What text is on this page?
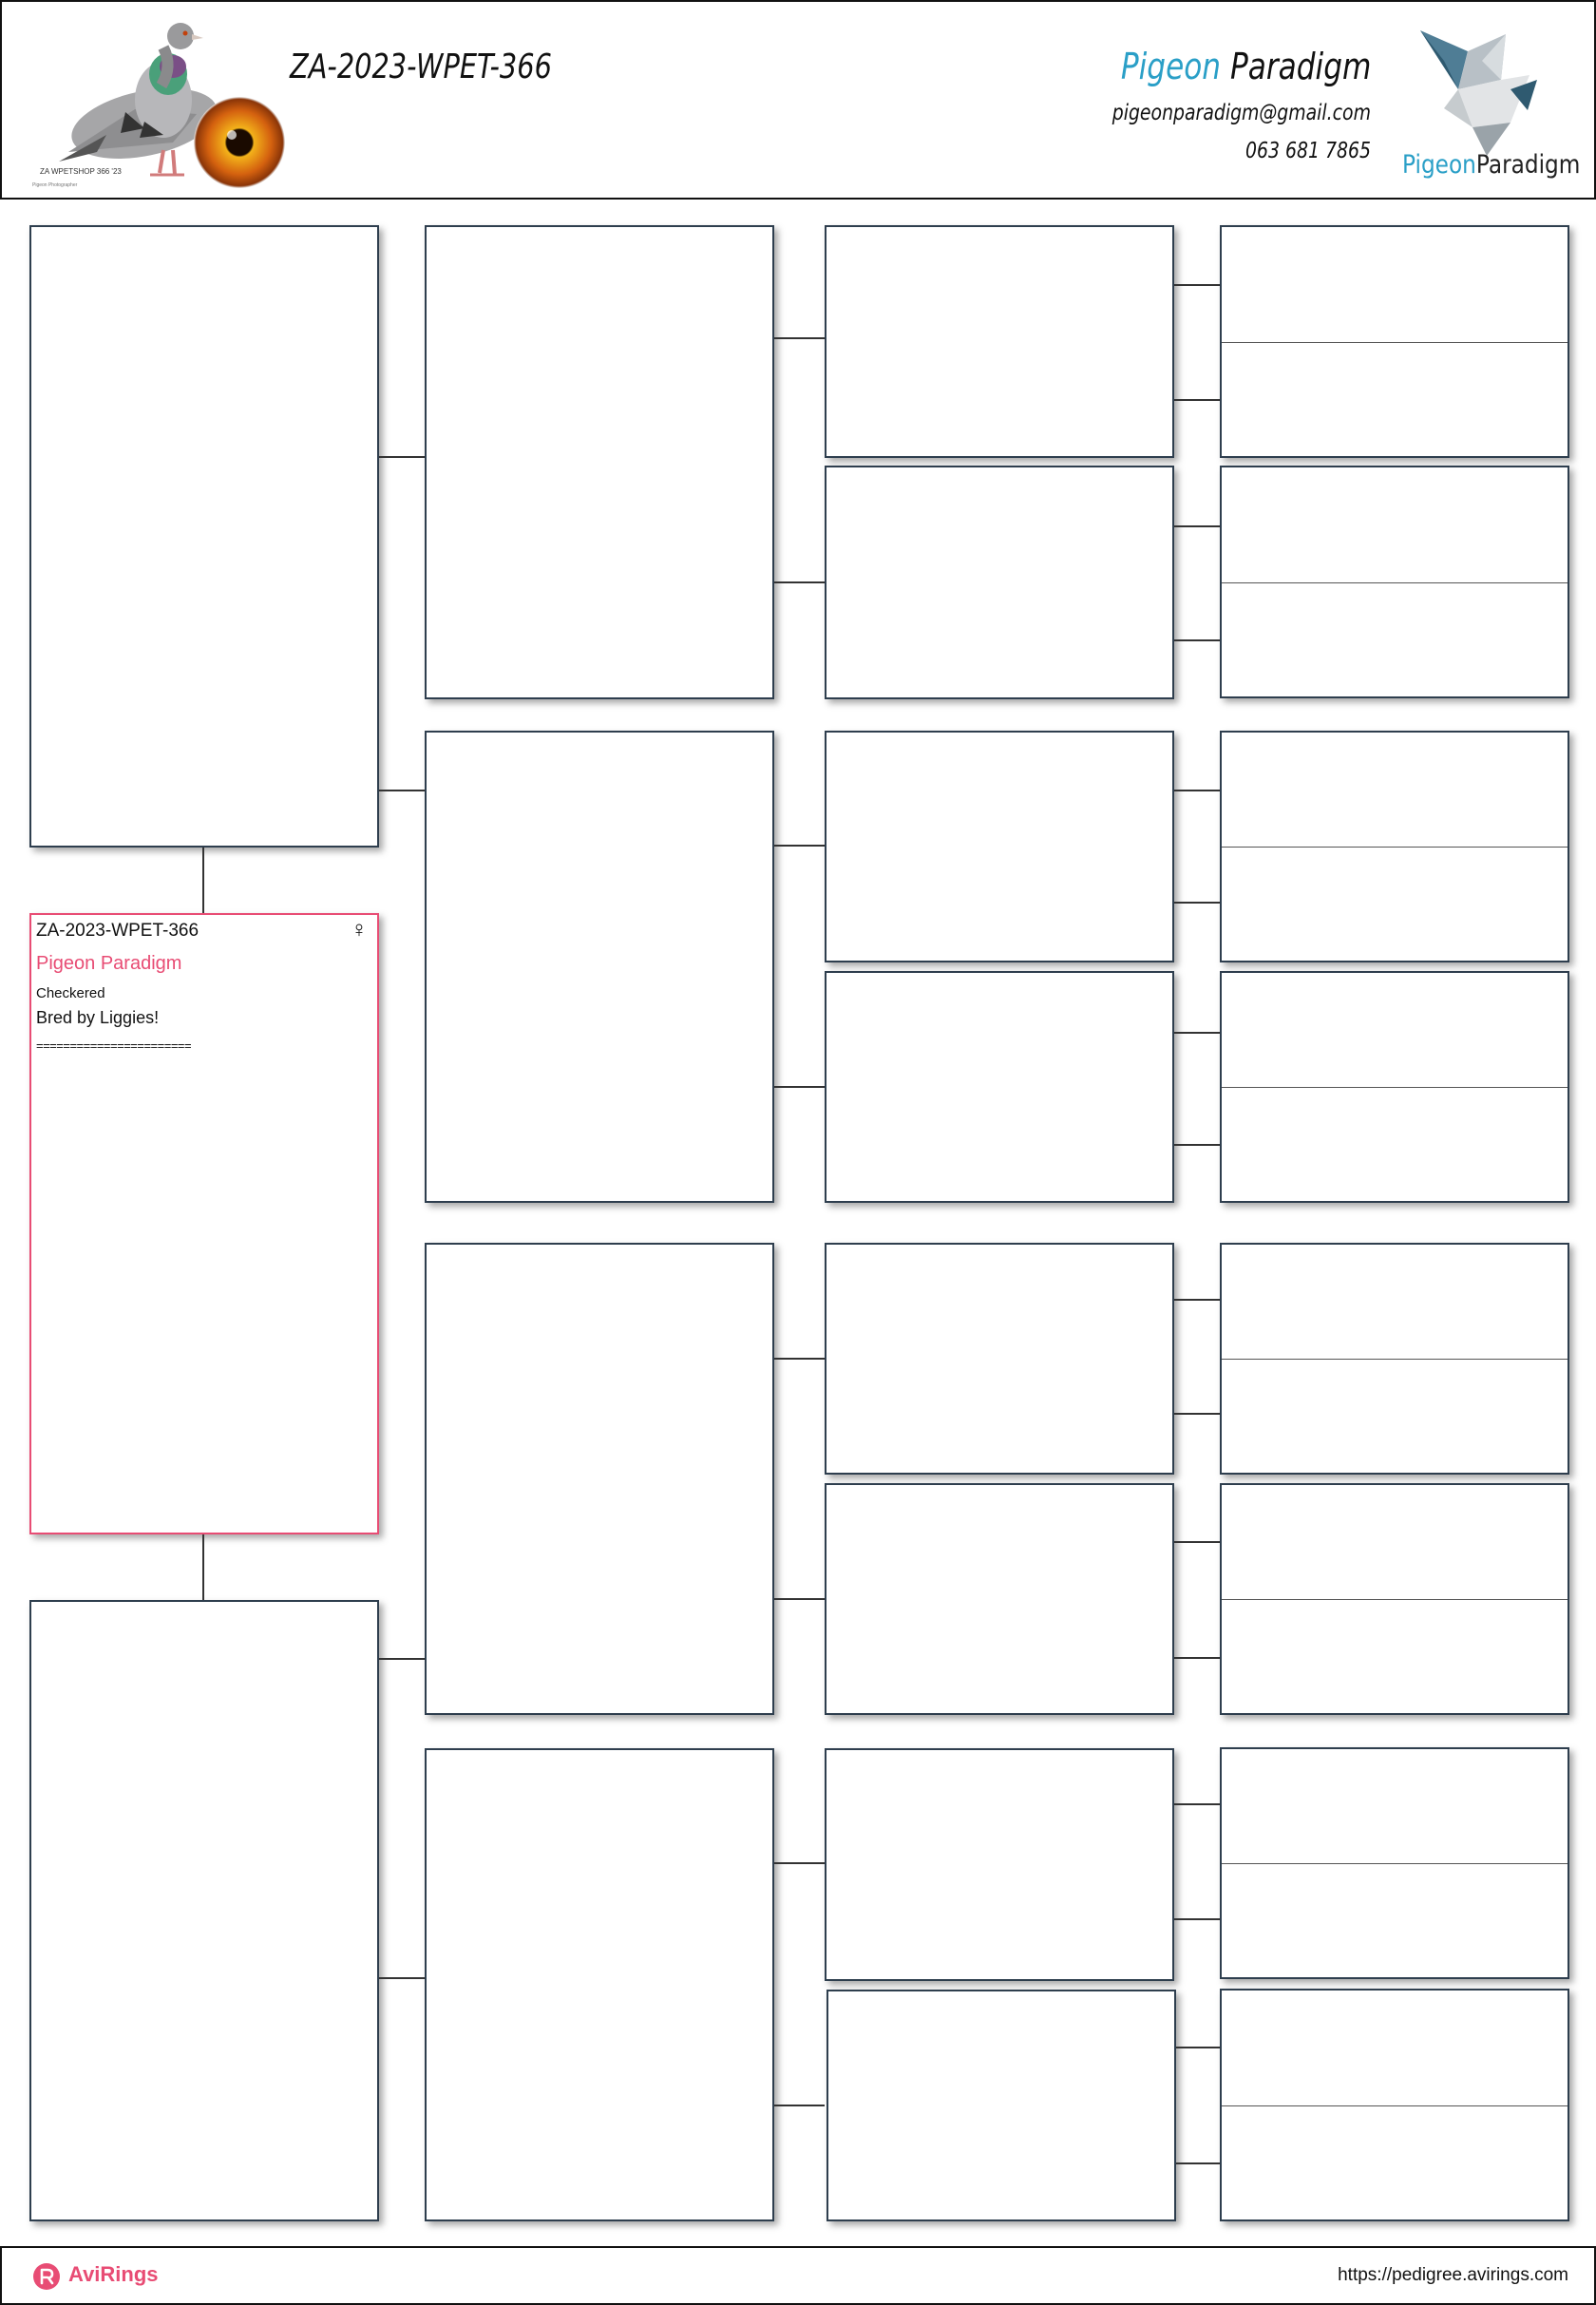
ZA WPETSHOP 366 '23
Pigeon Photographer
ZA-2023-WPET-366	Pigeon Paradigm
pigeonparadigm@gmail.com
063 681 7865 PigeonParadigm
ZA-2023-WPET-366
Pigeon Paradigm
Checkered
Bred by Liggies!
=======================
♀
AviRings	https://pedigree.avirings.com
